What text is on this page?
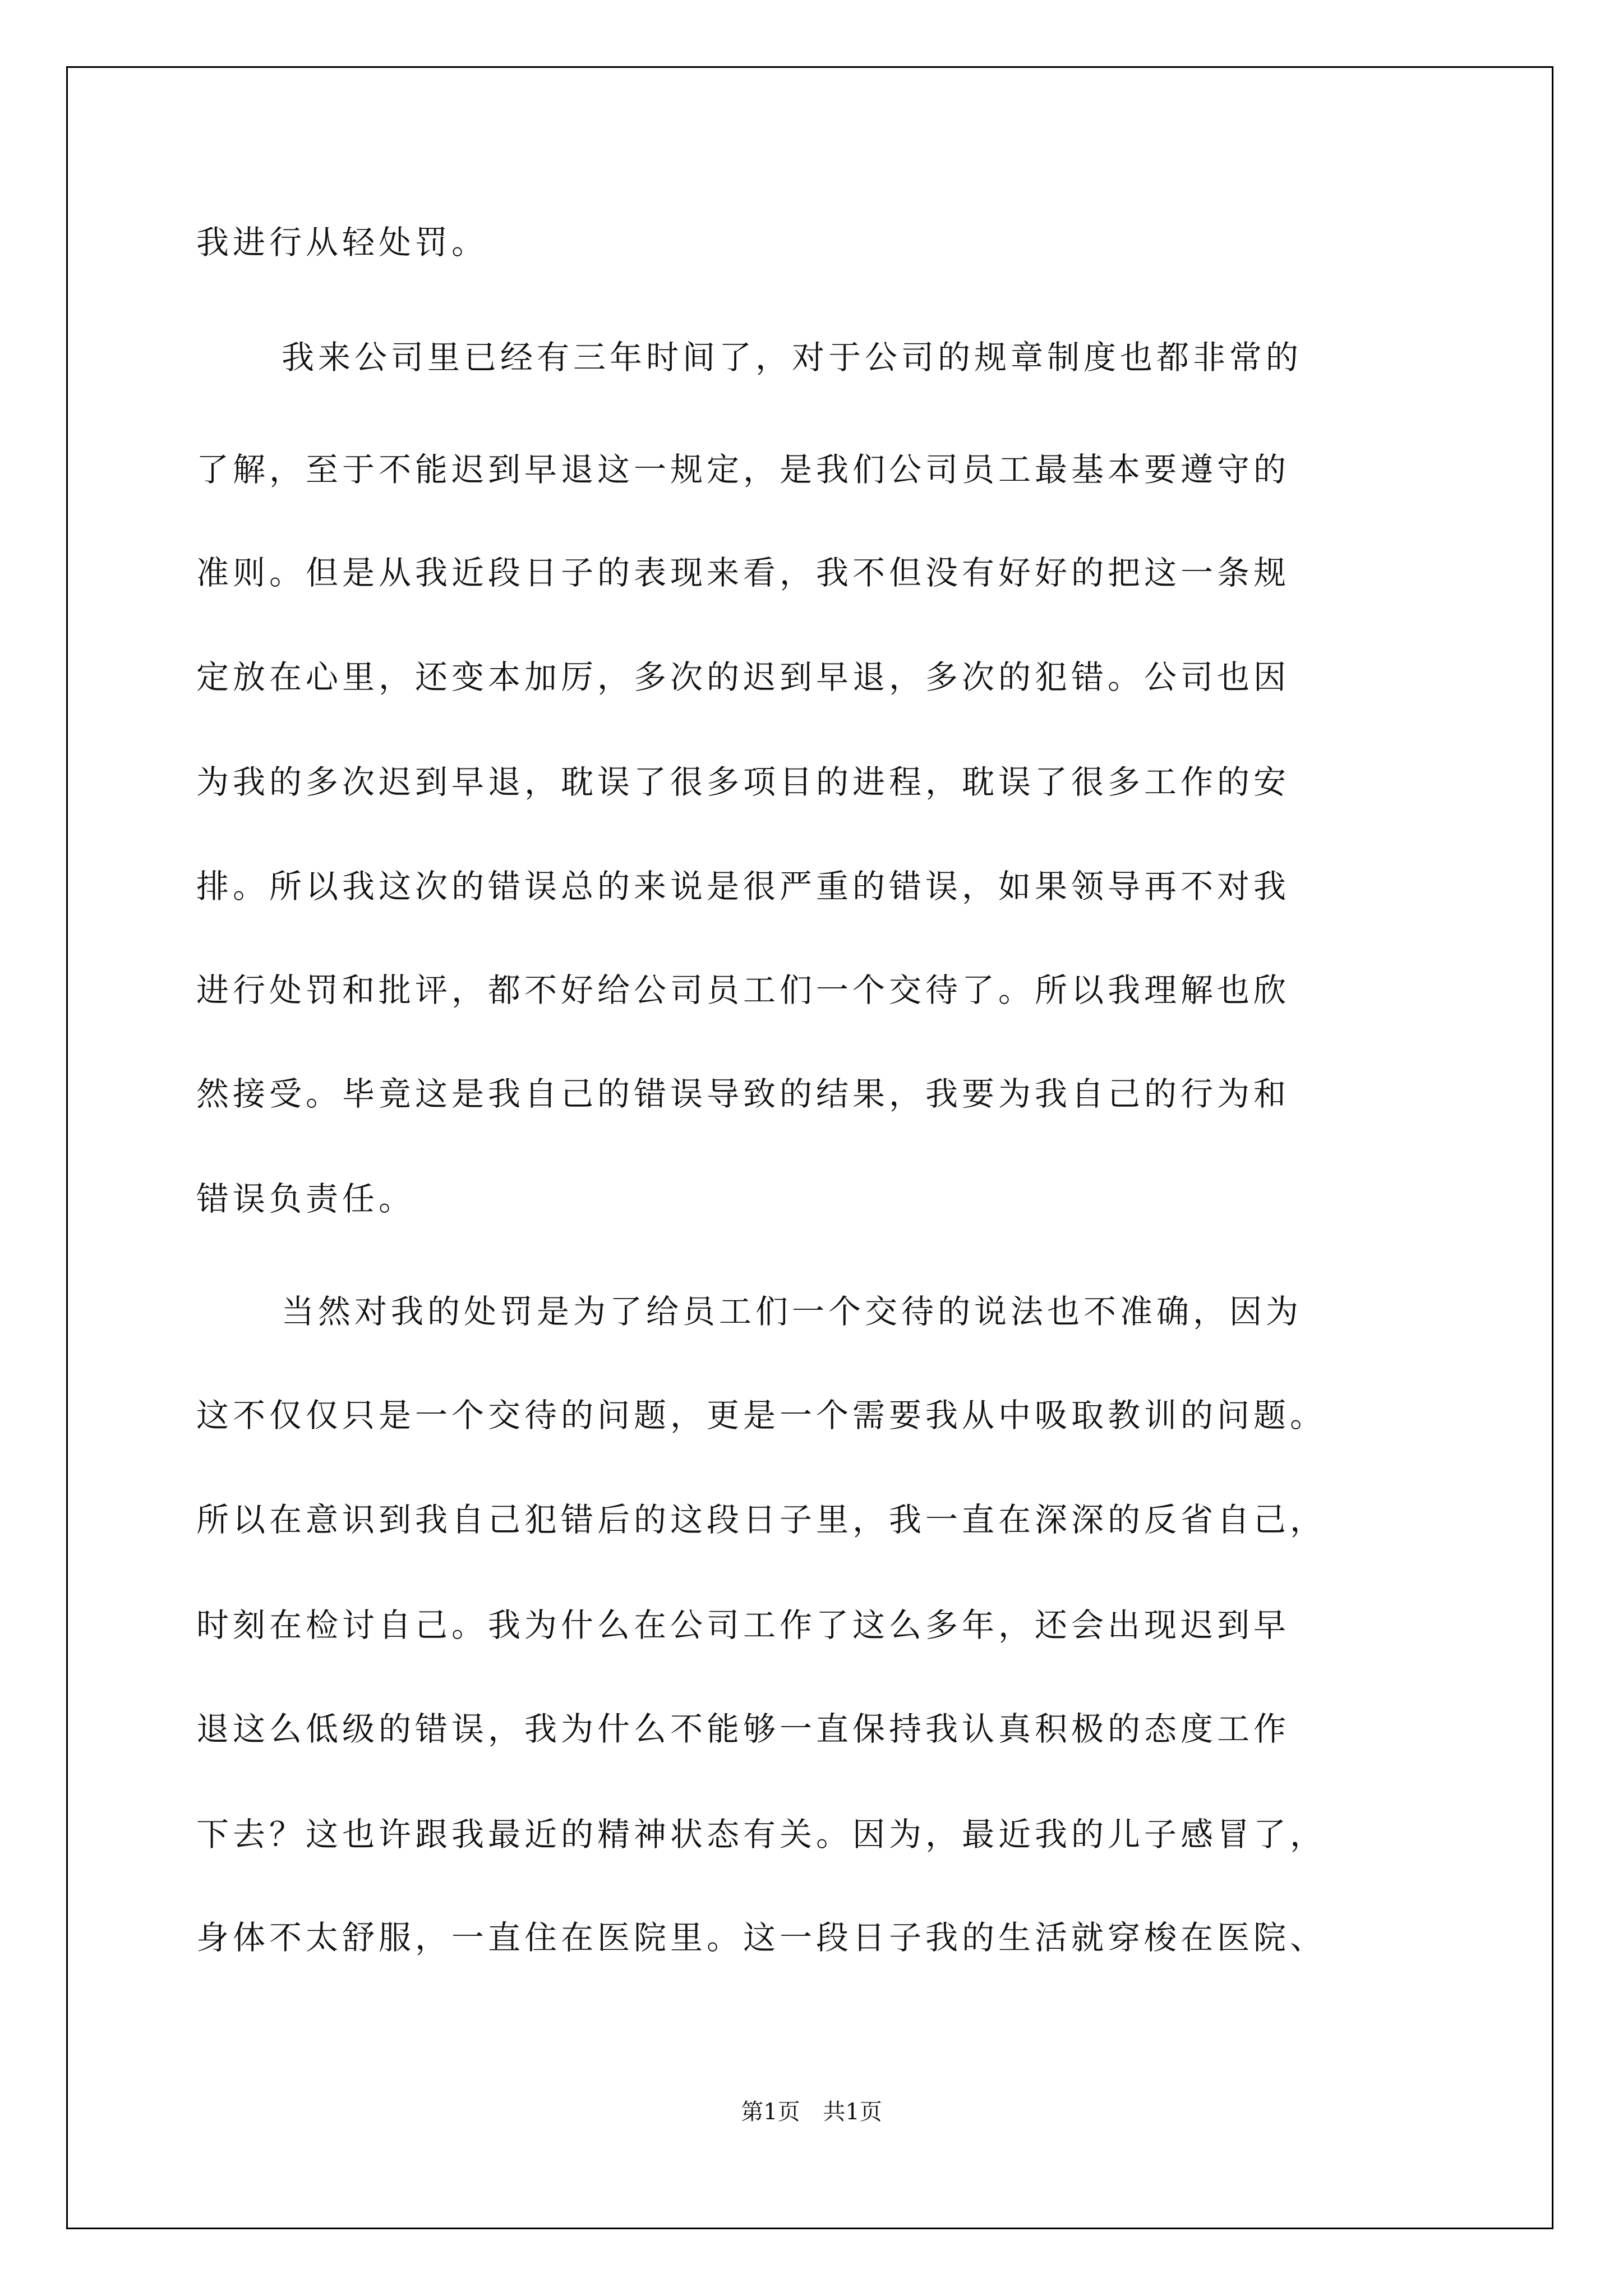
我进行从轻处罚。

我来公司里已经有三年时间了，对于公司的规章制度也都非常的

了解，至于不能迟到早退这一规定，是我们公司员工最基本要遵守的

准则。但是从我近段日子的表现来看，我不但没有好好的把这一条规

定放在心里，还变本加厉，多次的迟到早退，多次的犯错。公司也因

为我的多次迟到早退，耽误了很多项目的进程，耽误了很多工作的安

排。所以我这次的错误总的来说是很严重的错误，如果领导再不对我

进行处罚和批评，都不好给公司员工们一个交待了。所以我理解也欣

然接受。毕竟这是我自己的错误导致的结果，我要为我自己的行为和

错误负责任。

当然对我的处罚是为了给员工们一个交待的说法也不准确，因为

这不仅仅只是一个交待的问题，更是一个需要我从中吸取教训的问题。

所以在意识到我自己犯错后的这段日子里，我一直在深深的反省自己，

时刻在检讨自己。我为什么在公司工作了这么多年，还会出现迟到早

退这么低级的错误，我为什么不能够一直保持我认真积极的态度工作

下去？这也许跟我最近的精神状态有关。因为，最近我的儿子感冒了，

身体不太舒服，一直住在医院里。这一段日子我的生活就穿梭在医院、

第1页 共1页
